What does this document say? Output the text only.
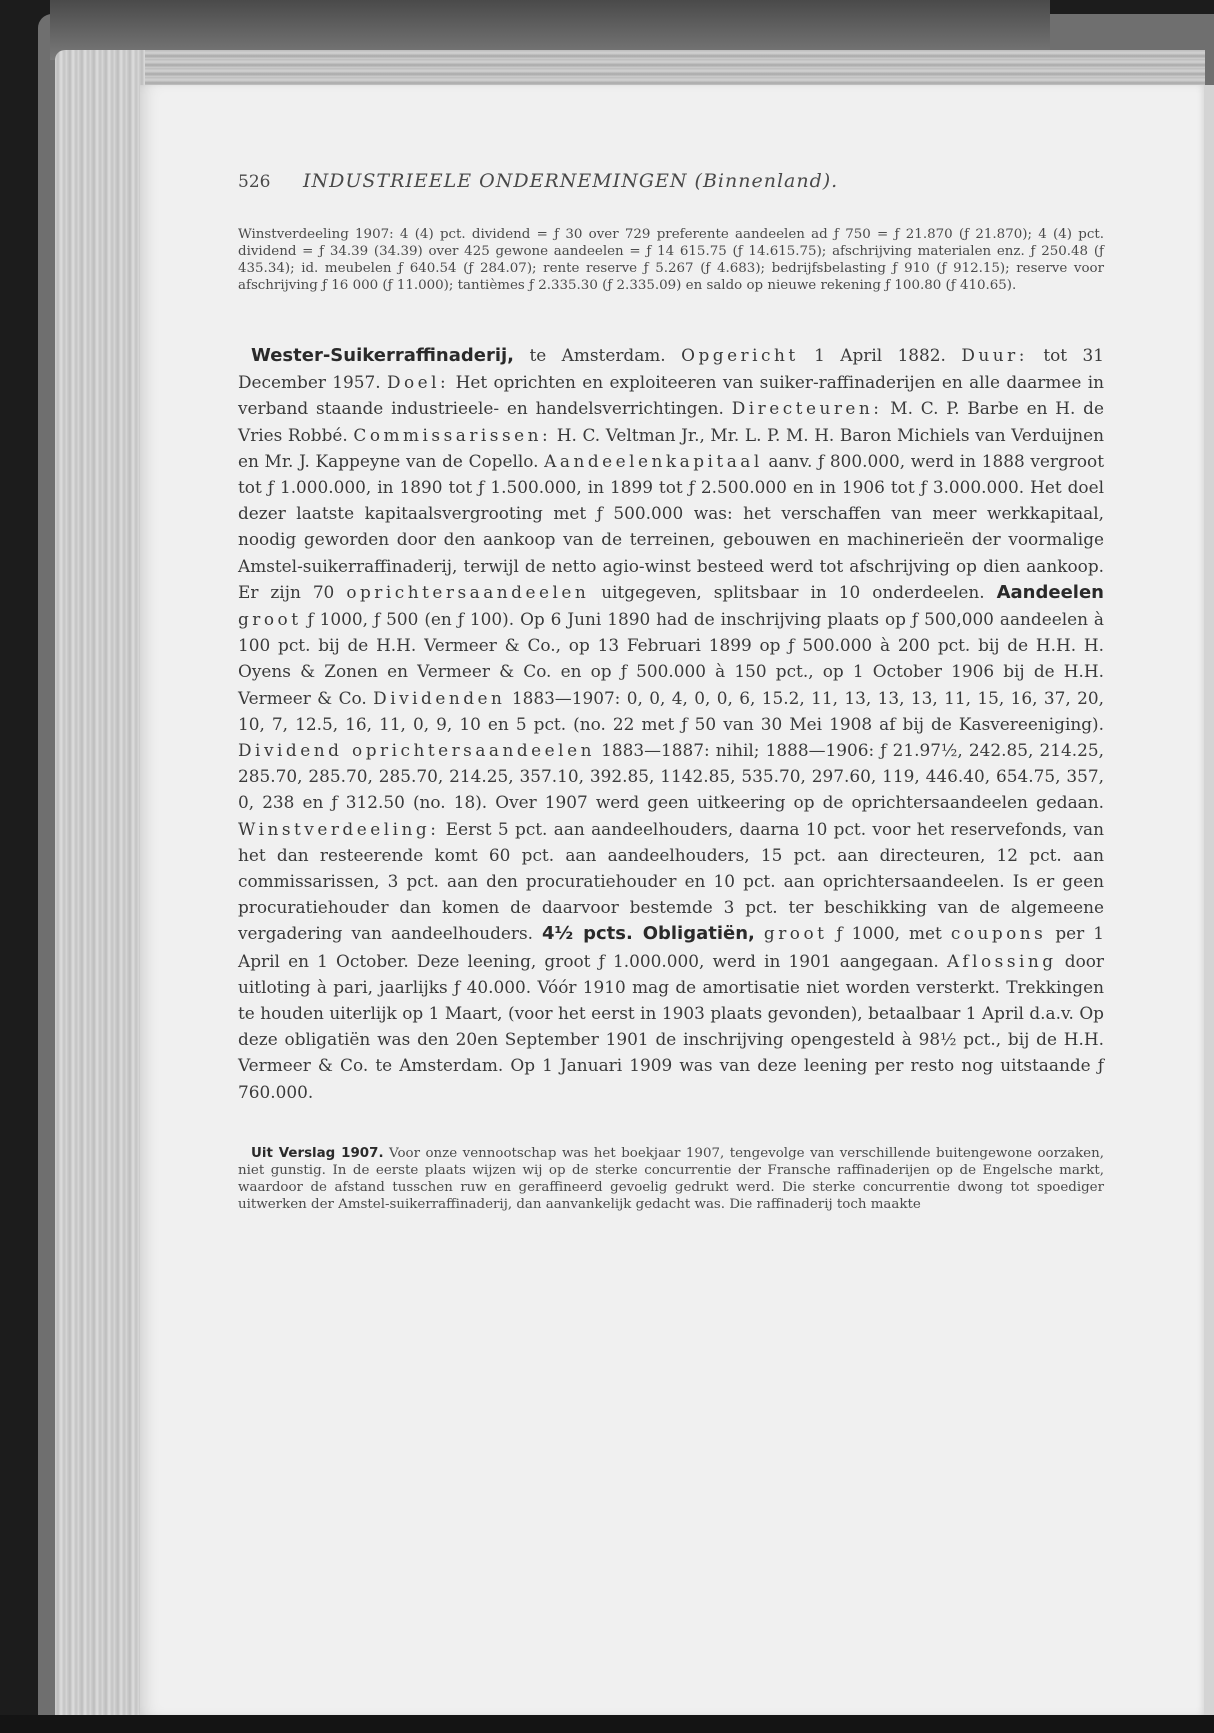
526	INDUSTRIEELE ONDERNEMINGEN (Binnenland).

Winstverdeeling 1907: 4 (4) pct. dividend = ƒ 30 over 729 preferente aandeelen ad ƒ 750 = ƒ 21.870 (ƒ 21.870); 4 (4) pct. dividend = ƒ 34.39 (34.39) over 425 gewone aandeelen = ƒ 14 615.75 (ƒ 14.615.75); afschrijving materialen enz. ƒ 250.48 (ƒ 435.34); id. meubelen ƒ 640.54 (ƒ 284.07); rente reserve ƒ 5.267 (ƒ 4.683); bedrijfsbelasting ƒ 910 (ƒ 912.15); reserve voor afschrijving ƒ 16 000 (ƒ 11.000); tantièmes ƒ 2.335.30 (ƒ 2.335.09) en saldo op nieuwe rekening ƒ 100.80 (ƒ 410.65).

Wester-Suikerraffinaderij, te Amsterdam. Opgericht 1 April 1882. Duur: tot 31 December 1957. Doel: Het oprichten en exploiteeren van suiker-raffinaderijen en alle daarmee in verband staande industrieele- en handelsverrichtingen. Directeuren: M. C. P. Barbe en H. de Vries Robbé. Commissarissen: H. C. Veltman Jr., Mr. L. P. M. H. Baron Michiels van Verduijnen en Mr. J. Kappeyne van de Copello. Aandeelenkapitaal aanv. ƒ 800.000, werd in 1888 vergroot tot ƒ 1.000.000, in 1890 tot ƒ 1.500.000, in 1899 tot ƒ 2.500.000 en in 1906 tot ƒ 3.000.000. Het doel dezer laatste kapitaalsvergrooting met ƒ 500.000 was: het verschaffen van meer werkkapitaal, noodig geworden door den aankoop van de terreinen, gebouwen en machinerieën der voormalige Amstel-suikerraffinaderij, terwijl de netto agio-winst besteed werd tot afschrijving op dien aankoop. Er zijn 70 oprichtersaandeelen uitgegeven, splitsbaar in 10 onderdeelen. Aandeelen groot ƒ 1000, ƒ 500 (en ƒ 100). Op 6 Juni 1890 had de inschrijving plaats op ƒ 500,000 aandeelen à 100 pct. bij de H.H. Vermeer & Co., op 13 Februari 1899 op ƒ 500.000 à 200 pct. bij de H.H. H. Oyens & Zonen en Vermeer & Co. en op ƒ 500.000 à 150 pct., op 1 October 1906 bij de H.H. Vermeer & Co. Dividenden 1883—1907: 0, 0, 4, 0, 0, 6, 15.2, 11, 13, 13, 13, 11, 15, 16, 37, 20, 10, 7, 12.5, 16, 11, 0, 9, 10 en 5 pct. (no. 22 met ƒ 50 van 30 Mei 1908 af bij de Kasvereeniging). Dividend oprichtersaandeelen 1883—1887: nihil; 1888—1906: ƒ 21.97½, 242.85, 214.25, 285.70, 285.70, 285.70, 214.25, 357.10, 392.85, 1142.85, 535.70, 297.60, 119, 446.40, 654.75, 357, 0, 238 en ƒ 312.50 (no. 18). Over 1907 werd geen uitkeering op de oprichtersaandeelen gedaan. Winstverdeeling: Eerst 5 pct. aan aandeelhouders, daarna 10 pct. voor het reservefonds, van het dan resteerende komt 60 pct. aan aandeelhouders, 15 pct. aan directeuren, 12 pct. aan commissarissen, 3 pct. aan den procuratiehouder en 10 pct. aan oprichtersaandeelen. Is er geen procuratiehouder dan komen de daarvoor bestemde 3 pct. ter beschikking van de algemeene vergadering van aandeelhouders. 4½ pcts. Obligatiën, groot ƒ 1000, met coupons per 1 April en 1 October. Deze leening, groot ƒ 1.000.000, werd in 1901 aangegaan. Aflossing door uitloting à pari, jaarlijks ƒ 40.000. Vóór 1910 mag de amortisatie niet worden versterkt. Trekkingen te houden uiterlijk op 1 Maart, (voor het eerst in 1903 plaats gevonden), betaalbaar 1 April d.a.v. Op deze obligatiën was den 20en September 1901 de inschrijving opengesteld à 98½ pct., bij de H.H. Vermeer & Co. te Amsterdam. Op 1 Januari 1909 was van deze leening per resto nog uitstaande ƒ 760.000.

Uit Verslag 1907. Voor onze vennootschap was het boekjaar 1907, tengevolge van verschillende buitengewone oorzaken, niet gunstig. In de eerste plaats wijzen wij op de sterke concurrentie der Fransche raffinaderijen op de Engelsche markt, waardoor de afstand tusschen ruw en geraffineerd gevoelig gedrukt werd. Die sterke concurrentie dwong tot spoediger uitwerken der Amstel-suikerraffinaderij, dan aanvankelijk gedacht was. Die raffinaderij toch maakte
